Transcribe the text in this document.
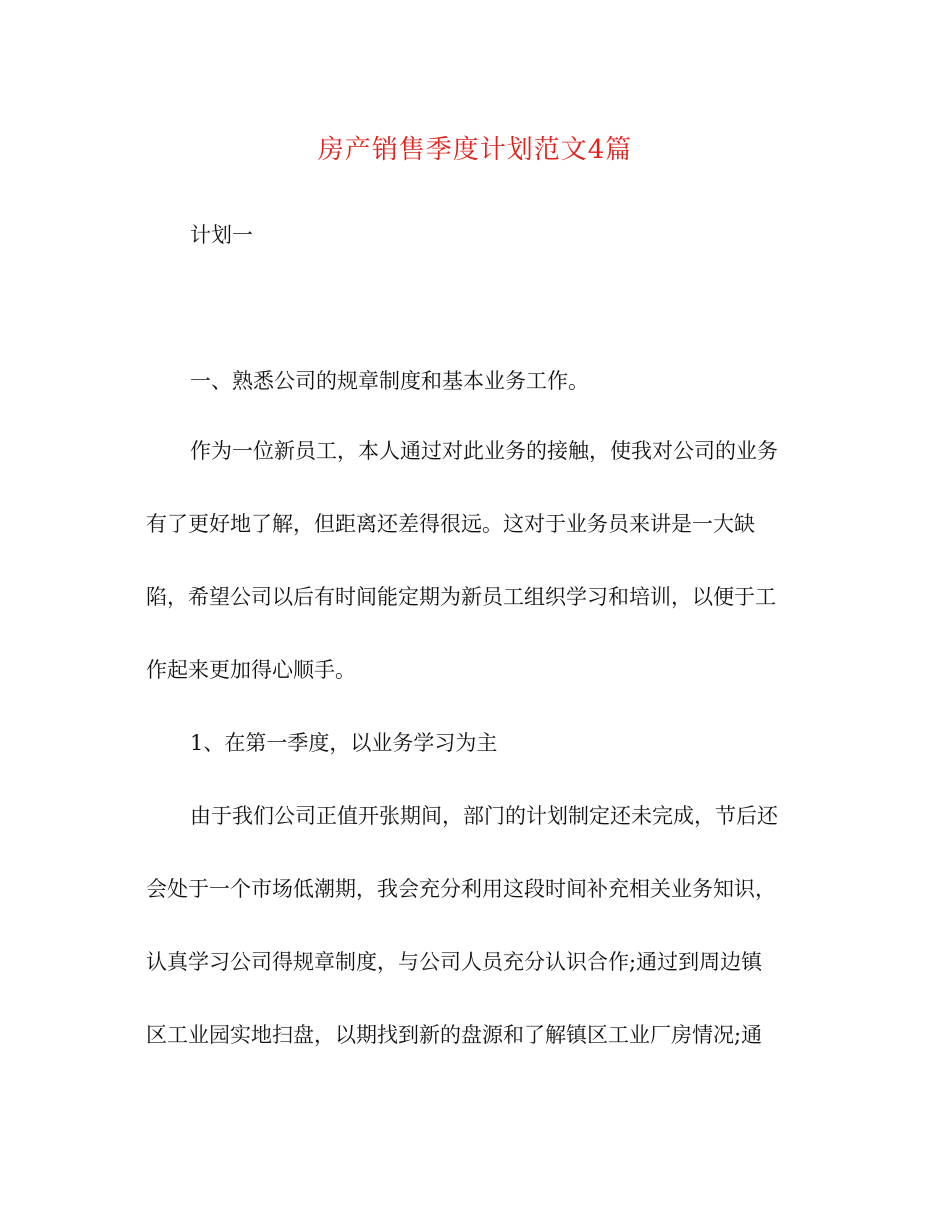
房产销售季度计划范文4篇
计划一
一、熟悉公司的规章制度和基本业务工作。
作为一位新员工，本人通过对此业务的接触，使我对公司的业务
有了更好地了解，但距离还差得很远。这对于业务员来讲是一大缺
陷，希望公司以后有时间能定期为新员工组织学习和培训，以便于工
作起来更加得心顺手。
1、在第一季度，以业务学习为主
由于我们公司正值开张期间，部门的计划制定还未完成，节后还
会处于一个市场低潮期，我会充分利用这段时间补充相关业务知识，
认真学习公司得规章制度，与公司人员充分认识合作;通过到周边镇
区工业园实地扫盘，以期找到新的盘源和了解镇区工业厂房情况;通
